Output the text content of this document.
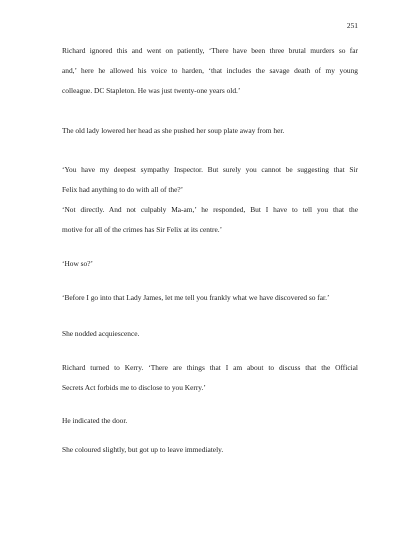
251
Richard ignored this and went on patiently, ‘There have been three brutal murders so far
and,’ here he allowed his voice to harden, ‘that includes the savage death of my young
colleague. DC Stapleton. He was just twenty-one years old.’
The old lady lowered her head as she pushed her soup plate away from her.
‘You have my deepest sympathy Inspector. But surely you cannot be suggesting that Sir
Felix had anything to do with all of the?’
‘Not directly. And not culpably Ma-am,’ he responded, But I have to tell you that the
motive for all of the crimes has Sir Felix at its centre.’
‘How so?’
‘Before I go into that Lady James, let me tell you frankly what we have discovered so far.’
She nodded acquiescence.
Richard turned to Kerry. ‘There are things that I am about to discuss that the Official
Secrets Act forbids me to disclose to you Kerry.’
He indicated the door.
She coloured slightly, but got up to leave immediately.
